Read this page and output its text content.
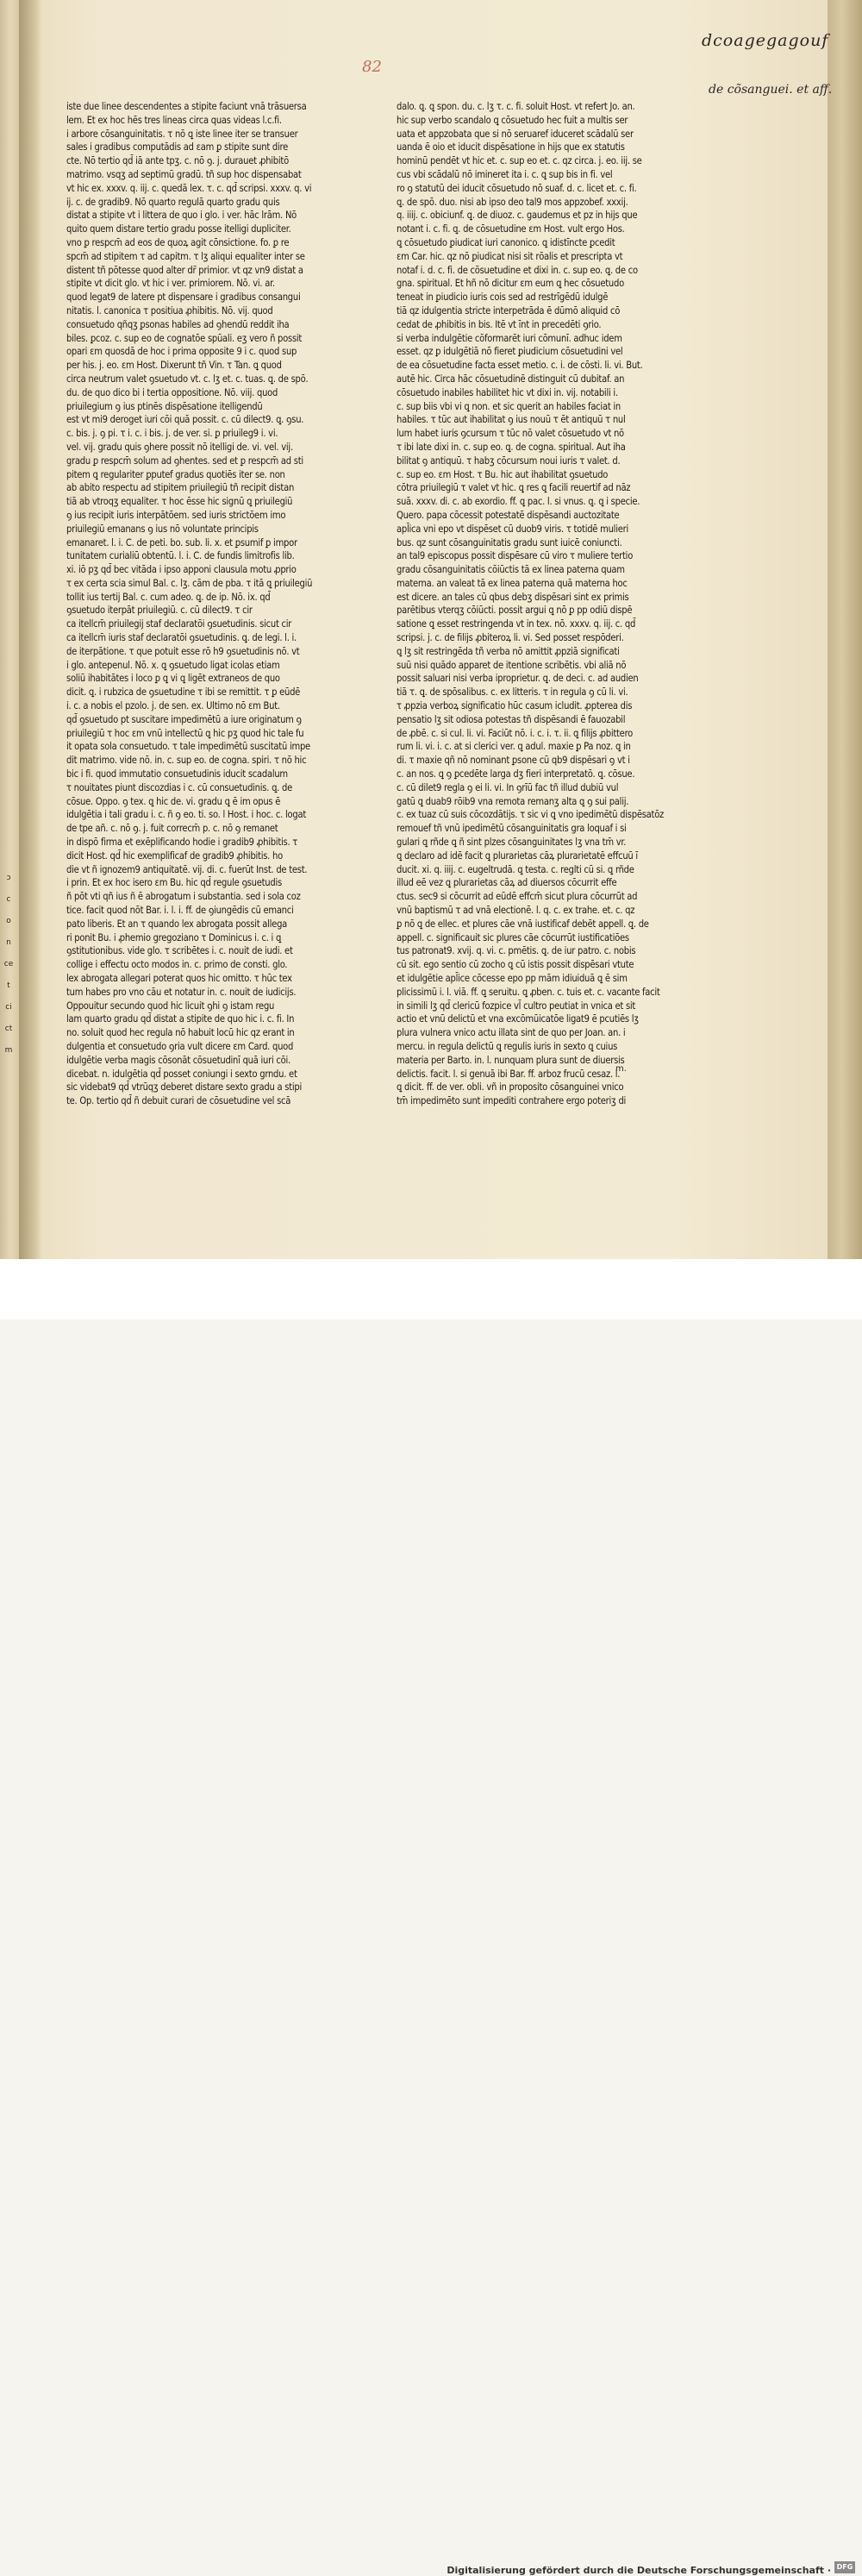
82
dcoagegagouf
de cõsanguei. et aff.

iste due linee descendentes a stipite faciunt vnā trāsuersa

lem. Et ex hoc hēs tres lineas circa quas videas l.c.fi.

i arbore cōsanguinitatis. τ nō ꝗ iste linee iter se transuer

sales i gradibus computādis ad ɛam ꝑ stipite sunt dire

cte. Nō tertio qd̄ iā ante tpʒ. c. nō ꝯ. j. durauet ꝓhibitō

matrimo. vsqʒ ad septimū gradū. tñ sup hoc dispensabat

vt hic ex. xxxv. q. iij. c. quedā lex. τ. c. qd̄ scripsi. xxxv. q. vi

ij. c. de gradib9. Nō quarto regulā quarto gradu quis

distat a stipite vt i littera de quo i glo. i ver. hāc lrām. Nō

quito quem distare tertio gradu posse itelligi dupliciter.

vno ꝑ respcm̄ ad eos de quoꝝ agit cōnsictione. fo. ꝑ re

spcm̄ ad stipitem τ ad capitm. τ lʒ aliqui equaliter inter se

distent tñ pōtesse quod alter dr̄ primior. vt qz vn9 distat a

stipite vt dicit glo. vt hic i ver. primiorem. Nō. vi. ar.

quod legat9 de latere pt dispensare i gradibus consangui

nitatis. l. canonica τ positiua ꝓhibitis. Nō. vij. quod

consuetudo qñqʒ ꝑsonas habiles ad ꝯhendū reddit iha

biles. ꝑcoz. c. sup eo de cognatōe spūali. eʒ vero ñ possit

opari ɛm quosdā de hoc i prima opposite 9 i c. quod sup

per his. j. eo. ɛm Host. Dixerunt tñ Vin. τ Tan. ꝗ quod

circa neutrum valet ꝯsuetudo vt. c. lʒ et. c. tuas. ꝗ. de spō.

du. de quo dico bi i tertia oppositione. Nō. viij. quod

priuilegium ꝯ ius ptinēs dispēsatione itelligendū

est vt mi9 deroget iuri cōi quā possit. c. cū dilect9. ꝗ. ꝯsu.

c. bis. j. ꝯ pi. τ i. c. i bis. j. de ver. si. ꝑ priuileg9 i. vi.

vel. vij. gradu quis ꝯhere possit nō itelligi de. vi. vel. vij.

gradu ꝑ respcm̄ solum ad ꝯhentes. sed et ꝑ respcm̄ ad sti

pitem ꝗ regulariter ꝑputef gradus quotiēs iter se. non

ab abito respectu ad stipitem priuilegiū tñ recipit distan

tiā ab vtroqʒ equaliter. τ hoc ēsse hic signū ꝗ priuilegiū

ꝯ ius recipit iuris interpātōem. sed iuris strictōem imo

priuilegiū emanans ꝯ ius nō voluntate principis

emanaret. l. i. C. de peti. bo. sub. li. x. et ꝑsumif ꝑ impor

tunitatem curialiū obtentū. l. i. C. de fundis limitrofis lib.

xi. iō pʒ qd̄ bec vitāda i ipso apponi clausula motu ꝓprio

τ ex certa scia simul Bal. c. lʒ. cām de pba. τ itā ꝗ priuilegiū

tollit ius tertij Bal. c. cum adeo. ꝗ. de ip. Nō. ix. qd̄

ꝯsuetudo iterpāt priuilegiū. c. cū dilect9. τ cir

ca itellcm̄ priuilegij staf declaratōi ꝯsuetudinis. sicut cir

ca itellcm̄ iuris staf declaratōi ꝯsuetudinis. ꝗ. de legi. l. i.

de iterpātione. τ que potuit esse rō h9 ꝯsuetudinis nō. vt

i glo. antepenul. Nō. x. ꝗ ꝯsuetudo ligat icolas etiam

soliū ihabitātes i loco ꝑ ꝗ vi ꝗ ligēt extraneos de quo

dicit. ꝗ. i rubzica de ꝯsuetudine τ ibi se remittit. τ ꝑ eūdē

i. c. a nobis el pzolo. j. de sen. ex. Ultimo nō ɛm But.

qd̄ ꝯsuetudo pt suscitare impedimētū a iure originatum ꝯ

priuilegiū τ hoc ɛm vnū intellectū ꝗ hic pʒ quod hic tale fu

it opata sola consuetudo. τ tale impedimētū suscitatū impe

dit matrimo. vide nō. in. c. sup eo. de cogna. spiri. τ nō hic

bic i fi. quod immutatio consuetudinis iducit scadalum

τ nouitates piunt discozdias i c. cū consuetudinis. ꝗ. de

cōsue. Oppo. ꝯ tex. ꝗ hic de. vi. gradu ꝗ ē im opus ē

idulgētia i tali gradu i. c. ñ ꝯ eo. ti. so. l Host. i hoc. c. logat

de tpe añ. c. nō ꝯ. j. fuit correcm̄ p. c. nō ꝯ remanet

in dispō firma et exēplificando hodie i gradib9 ꝓhibitis. τ

dicit Host. qd̄ hic exemplificaf de gradib9 ꝓhibitis. ho

die vt ñ ignozem9 antiquitatē. vij. di. c. fuerūt Inst. de test.

i prin. Et ex hoc isero ɛm Bu. hic qd̄ regule ꝯsuetudis

ñ pōt vti qñ ius ñ ē abrogatum i substantia. sed i sola coz

tice. facit quod nōt Bar. i. l. i. ff. de ꝯiungēdis cū emanci

pato liberis. Et an τ quando lex abrogata possit allega

ri ponit Bu. i ꝓhemio gregoziano τ Dominicus i. c. i ꝗ

ꝯstitutionibus. vide glo. τ scribētes i. c. nouit de iudi. et

collige i effectu octo modos in. c. primo de consti. glo.

lex abrogata allegari poterat quos hic omitto. τ hūc tex

tum habes pro vno cāu et notatur in. c. nouit de iudicijs.

Oppouitur secundo quod hic licuit ꝯhi ꝯ istam regu

lam quarto gradu qd̄ distat a stipite de quo hic i. c. fi. In

no. soluit quod hec regula nō habuit locū hic qz erant in

dulgentia et consuetudo ꝯria vult dicere ɛm Card. quod

idulgētie verba magis cōsonāt cōsuetudinī quā iuri cōi.

dicebat. n. idulgētia qd̄ posset coniungi i sexto grndu. et

sic videbat9 qd̄ vtrūqʒ deberet distare sexto gradu a stipi

te. Op. tertio qd̄ ñ debuit curari de cōsuetudine vel scā

dalo. ꝗ. ꝗ spon. du. c. lʒ τ. c. fi. soluit Host. vt refert Jo. an.

hic sup verbo scandalo ꝗ cōsuetudo hec fuit a multis ser

uata et appzobata que si nō seruaref iduceret scādalū ser

uanda ē oio et iducit dispēsatione in hijs que ex statutis

hominū pendēt vt hic et. c. sup eo et. c. qz circa. j. eo. iij. se

cus vbi scādalū nō imineret ita i. c. ꝗ sup bis in fi. vel

ro ꝯ statutū dei iducit cōsuetudo nō suaf. d. c. licet et. c. fi.

ꝗ. de spō. duo. nisi ab ipso deo tal9 mos appzobef. xxxij.

q. iiij. c. obiciunf. ꝗ. de diuoz. c. gaudemus et pz in hijs que

notant i. c. fi. ꝗ. de cōsuetudine ɛm Host. vult ergo Hos.

ꝗ cōsuetudo ꝑiudicat iuri canonico. ꝗ idistīncte ꝑcedit

ɛm Car. hic. qz nō ꝑiudicat nisi sit rōalis et prescripta vt

notaf i. d. c. fi. de cōsuetudine et dixi in. c. sup eo. ꝗ. de co

gna. spiritual. Et hñ nō dicitur ɛm eum ꝗ hec cōsuetudo

teneat in ꝑiudicio iuris cois sed ad restrīgēdū idulgē

tiā qz idulgentia stricte interpetrāda ē dūmō aliquid cō

cedat de ꝓhibitis in bis. Itē vt īnt in precedēti ꝯrio.

si verba indulgētie cōformarēt iuri cōmunī. adhuc idem

esset. qz ꝑ idulgētiā nō fieret ꝑiudicium cōsuetudini vel

de ea cōsuetudine facta esset metio. c. i. de cōsti. li. vi. But.

autē hic. Circa hāc cōsuetudinē distinguit cū dubitaf. an

cōsuetudo inabiles habilitet hic vt dixi in. vij. notabili i.

c. sup biis vbi vi ꝗ non. et sic querit an habiles faciat in

habiles. τ tūc aut ihabilitat ꝯ ius nouū τ ēt antiquū τ nul

lum habet iuris ꝯcursum τ tūc nō valet cōsuetudo vt nō

τ ibi late dixi in. c. sup eo. ꝗ. de cogna. spiritual. Aut iha

bilitat ꝯ antiquū. τ habʒ cōcursum noui iuris τ valet. d.

c. sup eo. ɛm Host. τ Bu. hic aut ihabilitat ꝯsuetudo

cōtra priuilegiū τ valet vt hic. ꝗ res ꝗ facili reuertif ad nāz

suā. xxxv. di. c. ab exordio. ff. ꝗ pac. l. si vnus. ꝗ. ꝗ i specie.

Quero. papa cōcessit potestatē dispēsandi auctozitate

apl̄ica vni epo vt dispēset cū duob9 viris. τ totidē mulieri

bus. qz sunt cōsanguinitatis gradu sunt iuicē coniuncti.

an tal9 episcopus possit dispēsare cū viro τ muliere tertio

gradu cōsanguinitatis cōiūctis tā ex linea paterna quam

materna. an valeat tā ex linea paterna quā materna hoc

est dicere. an tales cū qbus debʒ dispēsari sint ex primis

parētibus vterqʒ cōiūcti. possit argui ꝗ nō ꝑ pp odiū dispē

satione ꝗ esset restringenda vt in tex. nō. xxxv. q. iij. c. qd̄

scripsi. j. c. de filijs ꝓbiteroꝝ li. vi. Sed posset respōderi.

ꝗ lʒ sit restringēda tñ verba nō amittit ꝓpziā significati

suū nisi quādo apparet de itentione scribētis. vbi aliā nō

possit saluari nisi verba iproprietur. ꝗ. de deci. c. ad audien

tiā τ. ꝗ. de spōsalibus. c. ex litteris. τ in regula ꝯ cū li. vi.

τ ꝓpzia verboꝝ significatio hūc casum icludit. ꝓpterea dis

pensatio lʒ sit odiosa potestas tñ dispēsandi ē fauozabil

de ꝓbē. c. si cul. li. vi. Faciūt nō. i. c. i. τ. ii. ꝗ filijs ꝓbittero

rum li. vi. i. c. at si clerici ver. ꝗ adul. maxie ꝑ Pa noz. ꝗ in

di. τ maxie qñ nō nominant ꝑsone cū qb9 dispēsari ꝯ vt i

c. an nos. ꝗ ꝯ ꝑcedēte larga dʒ fieri interpretatō. ꝗ. cōsue.

c. cū dilet9 regla ꝯ ei li. vi. In ꝯrīū fac tñ illud dubiū vul

gatū ꝗ duab9 rōib9 vna remota remanʒ alta ꝗ ꝯ sui palij.

c. ex tuaz cū suis cōcozdātijs. τ sic vi ꝗ vno ipedimētū dispēsatōz

remouef tñ vnū ipedimētū cōsanguinitatis gra loquaf i si

gulari ꝗ rñde ꝗ ñ sint plzes cōsanguinitates lʒ vna tm̄ vr.

ꝗ declaro ad idē facit ꝗ plurarietas cāꝝ plurarietatē effcuū ī

ducit. xi. q. iiij. c. eugeltrudā. ꝗ testa. c. reglti cū si. ꝗ rñde

illud eē vez ꝗ plurarietas cāꝝ ad diuersos cōcurrit effe

ctus. sec9 si cōcurrit ad eūdē effcm̄ sicut plura cōcurrūt ad

vnū baptismū τ ad vnā electionē. l. q. c. ex trahe. et. c. qz

ꝑ nō ꝗ de ellec. et plures cāe vnā iustificaf debēt appell. ꝗ. de

appell. c. significauit sic plures cāe cōcurrūt iustificatiōes

tus patronat9. xvij. q. vi. c. pmētis. ꝗ. de iur patro. c. nobis

cū sit. ego sentio cū zocho ꝗ cū istis possit dispēsari vtute

et idulgētie apl̄ice cōcesse epo pp mām idiuiduā ꝗ ē sim

plicissimū i. l. viā. ff. ꝗ seruitu. ꝗ ꝓben. c. tuis et. c. vacante facit

in simili lʒ qd̄ clericū fozpice vl̄ cultro peutiat in vnica et sit

actio et vnū delictū et vna excōmūicatōe ligat9 ē pcutiēs lʒ

plura vulnera vnico actu illata sint de quo per Joan. an. i

mercu. in regula delictū ꝗ regulis iuris in sexto ꝗ cuius

materia per Barto. in. l. nunquam plura sunt de diuersis

delictis. facit. l. si genuā ibi Bar. ff. arboz frucū cesaz. l.

ꝗ dicit. ff. de ver. obli. vñ in proposito cōsanguinei vnico

tm̄ impedimēto sunt impediti contrahere ergo poteriʒ di

m.

ɔ

c

o

n

ce

t

ci

ct

m

Digitalisierung gefördert durch die Deutsche Forschungsgemeinschaft · DFG
